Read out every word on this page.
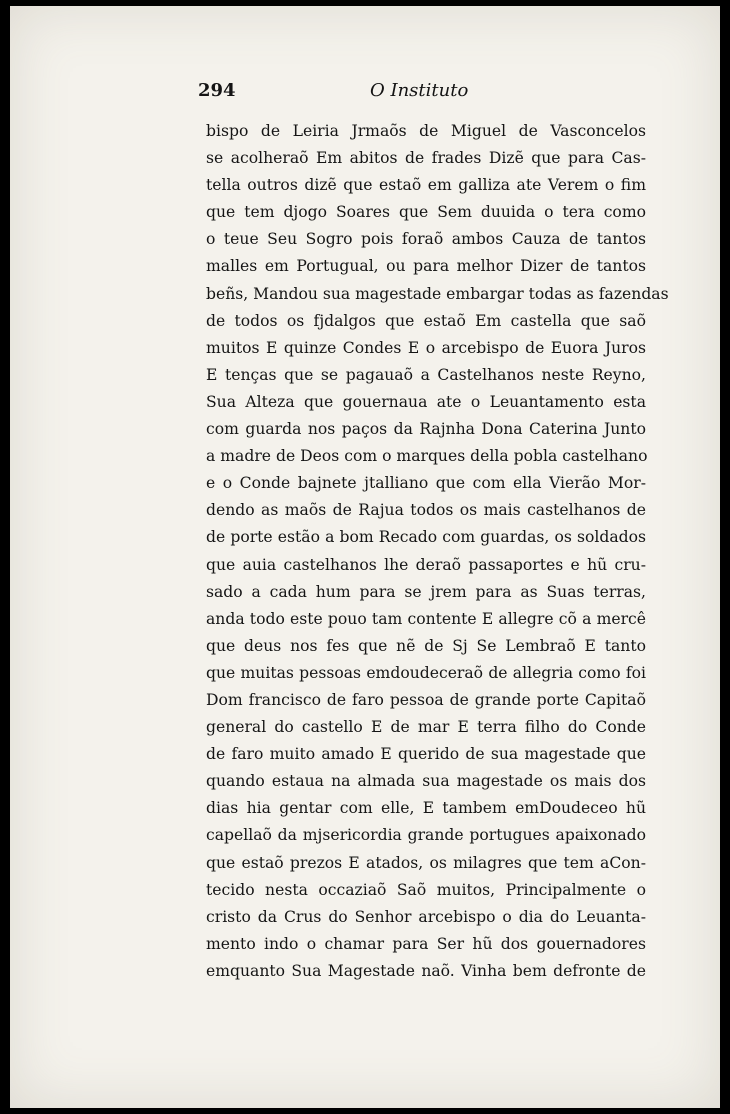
294	O Instituto
bispo de Leiria Jrmaõs de Miguel de Vasconcelos
se acolheraõ Em abitos de frades Dizẽ que para Cas-
tella outros dizẽ que estaõ em galliza ate Verem o fim
que tem djogo Soares que Sem duuida o tera como
o teue Seu Sogro pois foraõ ambos Cauza de tantos
malles em Portugual, ou para melhor Dizer de tantos
beñs, Mandou sua magestade embargar todas as fazendas
de todos os fjdalgos que estaõ Em castella que saõ
muitos E quinze Condes E o arcebispo de Euora Juros
E tenças que se pagauaõ a Castelhanos neste Reyno,
Sua Alteza que gouernaua ate o Leuantamento esta
com guarda nos paços da Rajnha Dona Caterina Junto
a madre de Deos com o marques della pobla castelhano
e o Conde bajnete jtalliano que com ella Vierão Mor-
dendo as maõs de Rajua todos os mais castelhanos de
de porte estão a bom Recado com guardas, os soldados
que auia castelhanos lhe deraõ passaportes e hũ cru-
sado a cada hum para se jrem para as Suas terras,
anda todo este pouo tam contente E allegre cõ a mercê
que deus nos fes que nẽ de Sj Se Lembraõ E tanto
que muitas pessoas emdoudeceraõ de allegria como foi
Dom francisco de faro pessoa de grande porte Capitaõ
general do castello E de mar E terra filho do Conde
de faro muito amado E querido de sua magestade que
quando estaua na almada sua magestade os mais dos
dias hia gentar com elle, E tambem emDoudeceo hũ
capellaõ da mjsericordia grande portugues apaixonado
que estaõ prezos E atados, os milagres que tem aCon-
tecido nesta occaziaõ Saõ muitos, Principalmente o
cristo da Crus do Senhor arcebispo o dia do Leuanta-
mento indo o chamar para Ser hũ dos gouernadores
emquanto Sua Magestade naõ. Vinha bem defronte de
